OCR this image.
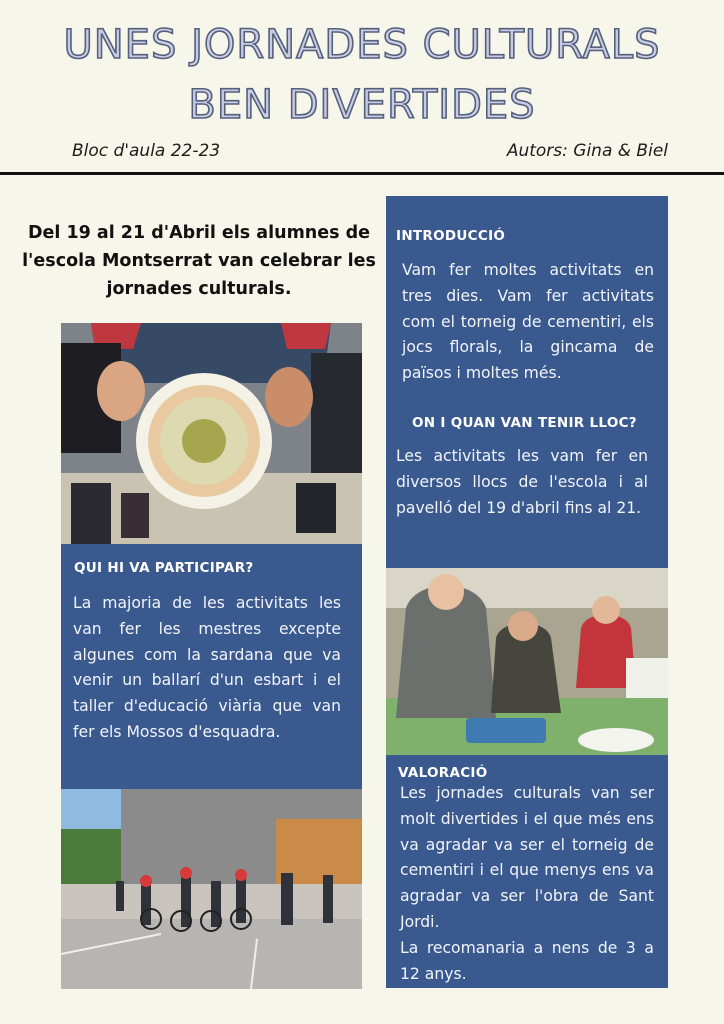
UNES JORNADES CULTURALS
BEN DIVERTIDES
Bloc d'aula 22-23	Autors: Gina & Biel
Del 19 al 21 d'Abril els alumnes de l'escola Montserrat van celebrar les jornades culturals.
INTRODUCCIÓ
Vam fer moltes activitats en tres dies. Vam fer activitats com el torneig de cementiri, els jocs florals, la gincama de països i moltes més.
ON I QUAN VAN TENIR LLOC?
Les activitats les vam fer en diversos llocs de l'escola i al pavelló del 19 d'abril fins al 21.
QUI HI VA PARTICIPAR?
La majoria de les activitats les van fer les mestres excepte algunes com la sardana que va venir un ballarí d'un esbart i el taller d'educació viària que van fer els Mossos d'esquadra.
VALORACIÓ
Les jornades culturals van ser molt divertides i el que més ens va agradar va ser el torneig de cementiri i el que menys ens va agradar va ser l'obra de Sant Jordi.
La recomanaria a nens de 3 a 12 anys.
